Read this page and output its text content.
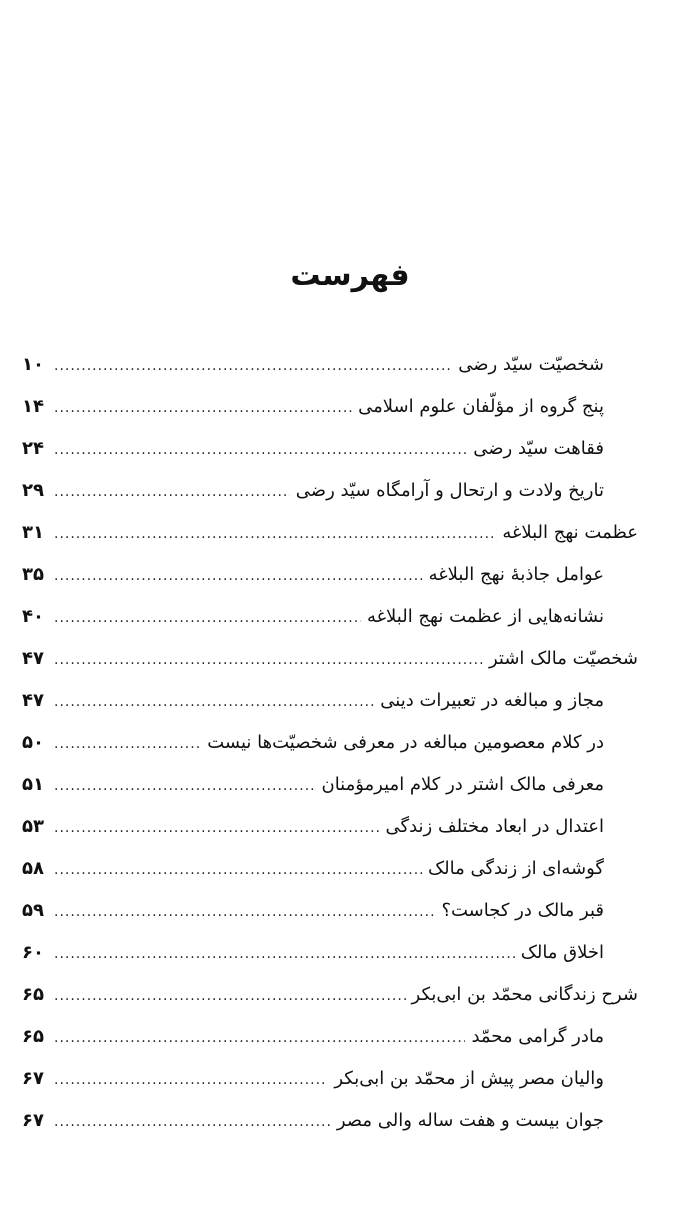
فهرست
شخصیّت سیّد رضی
.....
۱۰
پنج گروه از مؤلّفان علوم اسلامی
.....
۱۴
فقاهت سیّد رضی
.....
۲۴
تاریخ ولادت و ارتحال و آرامگاه سیّد رضی
.....
۲۹
عظمت نهج البلاغه
.....
۳۱
عوامل جاذبهٔ نهج البلاغه
.....
۳۵
نشانه‌هایی از عظمت نهج البلاغه
.....
۴۰
شخصیّت مالک اشتر
.....
۴۷
مجاز و مبالغه در تعبیرات دینی
.....
۴۷
در کلام معصومین مبالغه در معرفی شخصیّت‌ها نیست
.....
۵۰
معرفی مالک اشتر در کلام امیرمؤمنان
.....
۵۱
اعتدال در ابعاد مختلف زندگی
.....
۵۳
گوشه‌ای از زندگی مالک
.....
۵۸
قبر مالک در کجاست؟
.....
۵۹
اخلاق مالک
.....
۶۰
شرح زندگانی محمّد بن ابی‌بکر
.....
۶۵
مادر گرامی محمّد
.....
۶۵
والیان مصر پیش از محمّد بن ابی‌بکر
.....
۶۷
جوان بیست و هفت ساله والی مصر
.....
۶۷
